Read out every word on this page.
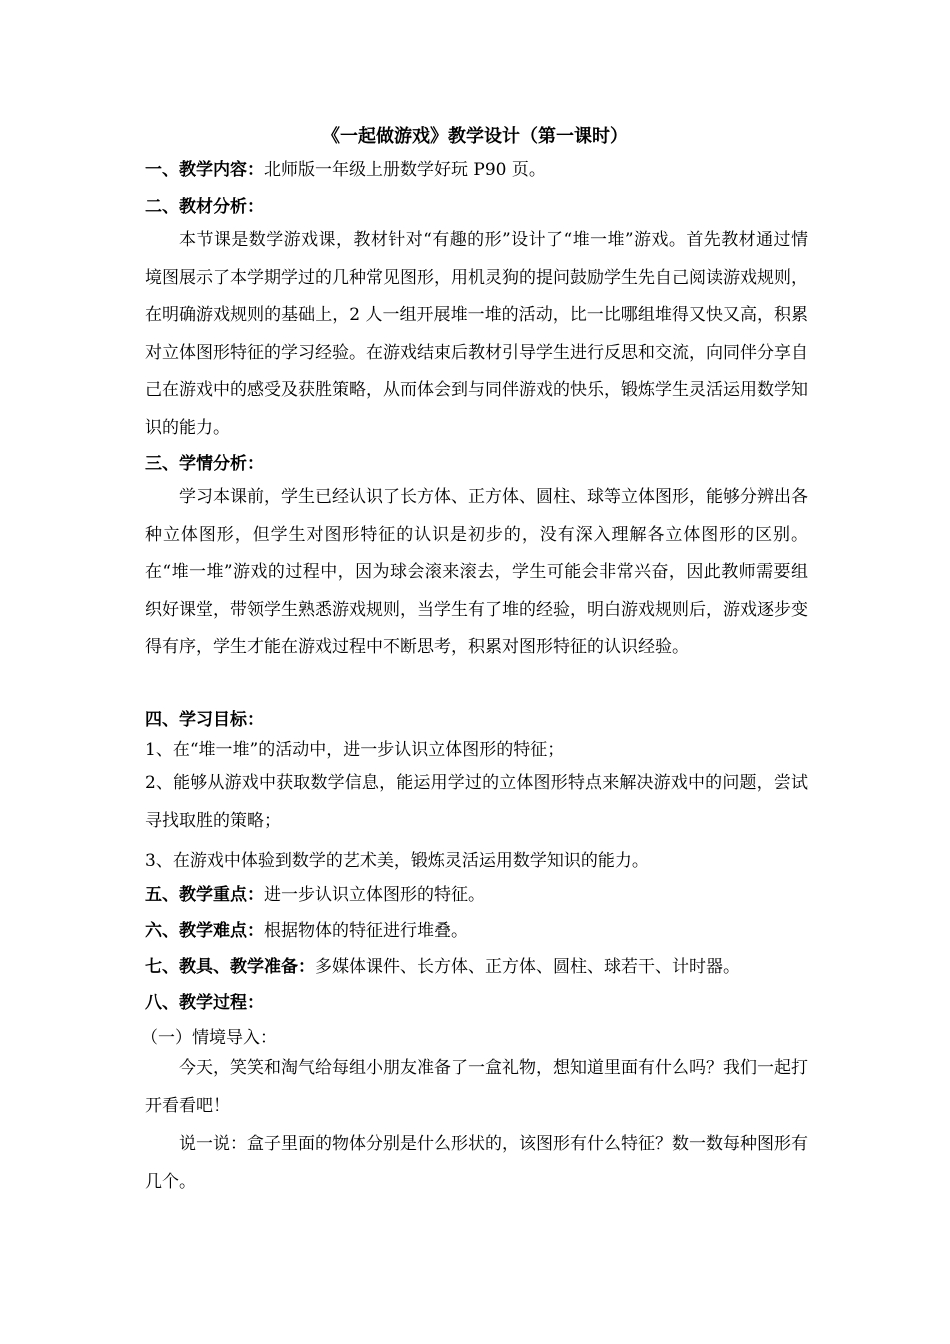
《一起做游戏》教学设计（第一课时）
一、教学内容：北师版一年级上册数学好玩 P90 页。
二、教材分析：
本节课是数学游戏课，教材针对“有趣的形”设计了“堆一堆”游戏。首先教材通过情境图展示了本学期学过的几种常见图形，用机灵狗的提问鼓励学生先自己阅读游戏规则，在明确游戏规则的基础上，2 人一组开展堆一堆的活动，比一比哪组堆得又快又高，积累对立体图形特征的学习经验。在游戏结束后教材引导学生进行反思和交流，向同伴分享自己在游戏中的感受及获胜策略，从而体会到与同伴游戏的快乐，锻炼学生灵活运用数学知识的能力。
三、学情分析：
学习本课前，学生已经认识了长方体、正方体、圆柱、球等立体图形，能够分辨出各种立体图形，但学生对图形特征的认识是初步的，没有深入理解各立体图形的区别。在“堆一堆”游戏的过程中，因为球会滚来滚去，学生可能会非常兴奋，因此教师需要组织好课堂，带领学生熟悉游戏规则，当学生有了堆的经验，明白游戏规则后，游戏逐步变得有序，学生才能在游戏过程中不断思考，积累对图形特征的认识经验。
四、学习目标：
1、在“堆一堆”的活动中，进一步认识立体图形的特征；
2、能够从游戏中获取数学信息，能运用学过的立体图形特点来解决游戏中的问题，尝试寻找取胜的策略；
3、在游戏中体验到数学的艺术美，锻炼灵活运用数学知识的能力。
五、教学重点：进一步认识立体图形的特征。
六、教学难点：根据物体的特征进行堆叠。
七、教具、教学准备：多媒体课件、长方体、正方体、圆柱、球若干、计时器。
八、教学过程：
（一）情境导入：
今天，笑笑和淘气给每组小朋友准备了一盒礼物，想知道里面有什么吗？我们一起打开看看吧！
说一说：盒子里面的物体分别是什么形状的，该图形有什么特征？数一数每种图形有几个。
